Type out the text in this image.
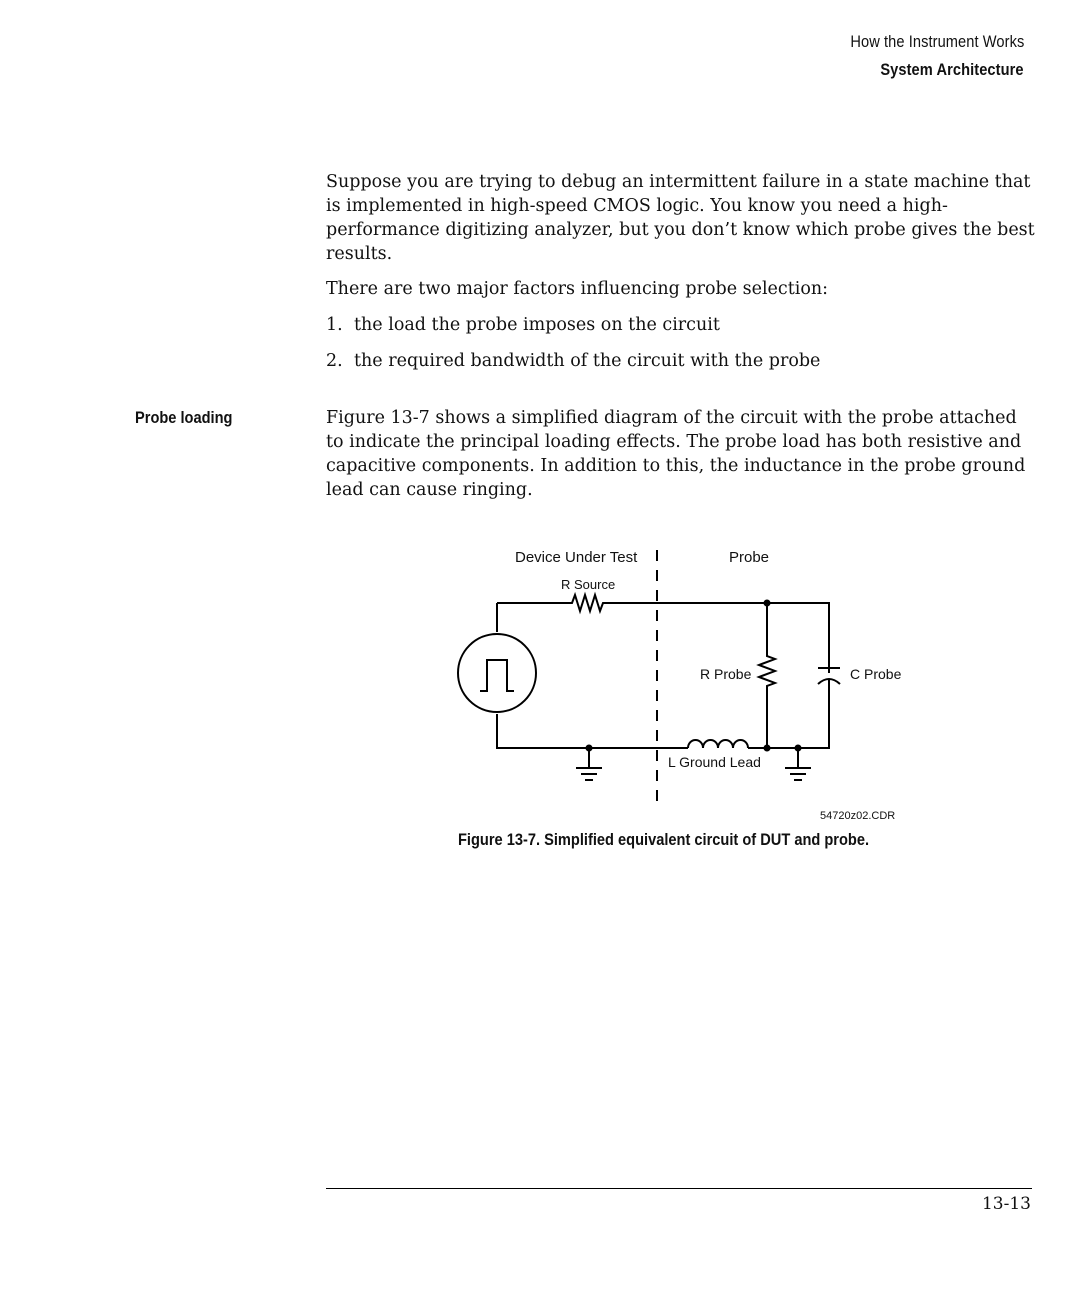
How the Instrument Works
System Architecture

Suppose you are trying to debug an intermittent failure in a state machine that is implemented in high-speed CMOS logic. You know you need a high-performance digitizing analyzer, but you don’t know which probe gives the best results.

There are two major factors influencing probe selection:

1. the load the probe imposes on the circuit
2. the required bandwidth of the circuit with the probe
Probe loading	Figure 13-7 shows a simplified diagram of the circuit with the probe attached to indicate the principal loading effects. The probe load has both resistive and capacitive components. In addition to this, the inductance in the probe ground lead can cause ringing.

Device Under Test	Probe
R Source
R Probe	C Probe
L Ground Lead
54720z02.CDR
Figure 13-7. Simplified equivalent circuit of DUT and probe.
13-13
